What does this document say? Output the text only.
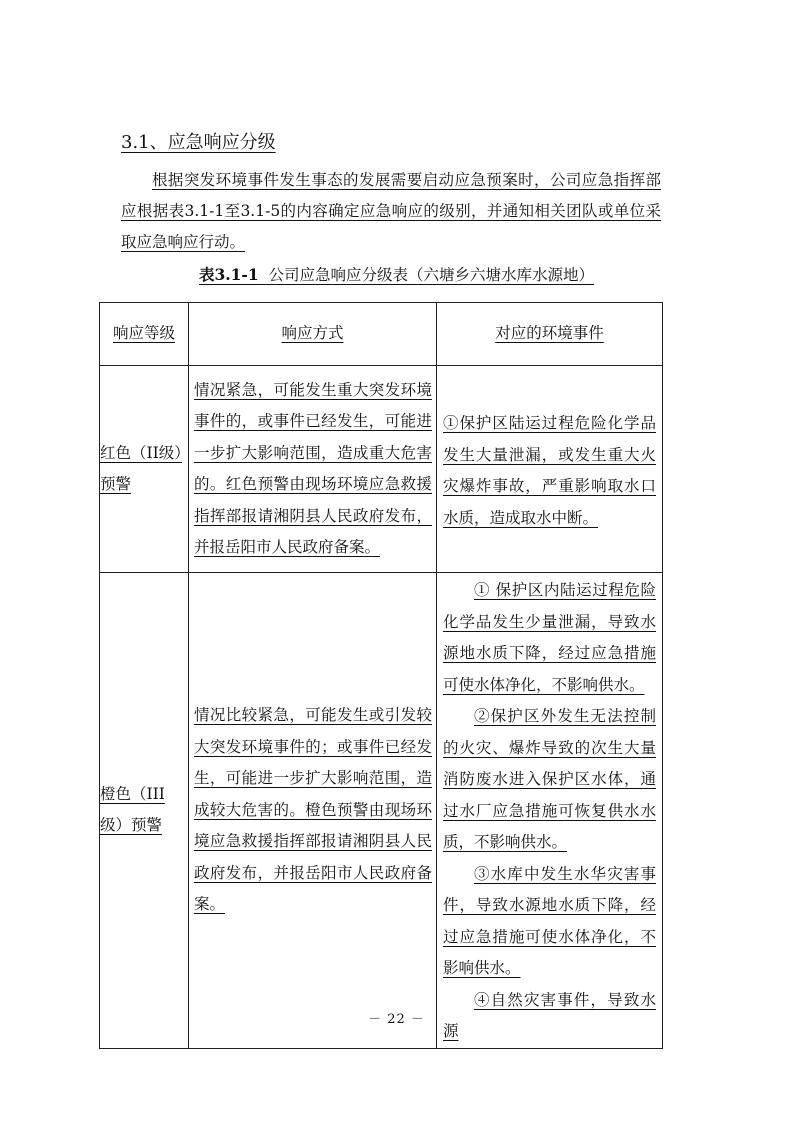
3.1、应急响应分级

根据突发环境事件发生事态的发展需要启动应急预案时，公司应急指挥部应根据表3.1-1至3.1-5的内容确定应急响应的级别，并通知相关团队或单位采取应急响应行动。

表3.1-1 公司应急响应分级表（六塘乡六塘水库水源地）
响应等级	响应方式	对应的环境事件
红色（II级）预警	情况紧急，可能发生重大突发环境事件的，或事件已经发生，可能进一步扩大影响范围，造成重大危害的。红色预警由现场环境应急救援指挥部报请湘阴县人民政府发布，并报岳阳市人民政府备案。	①保护区陆运过程危险化学品发生大量泄漏，或发生重大火灾爆炸事故，严重影响取水口水质，造成取水中断。

橙色（III级）预警	情况比较紧急，可能发生或引发较大突发环境事件的；或事件已经发生，可能进一步扩大影响范围，造成较大危害的。橙色预警由现场环境应急救援指挥部报请湘阴县人民政府发布，并报岳阳市人民政府备案。	① 保护区内陆运过程危险化学品发生少量泄漏，导致水源地水质下降，经过应急措施可使水体净化，不影响供水。

②保护区外发生无法控制的火灾、爆炸导致的次生大量消防废水进入保护区水体，通过水厂应急措施可恢复供水水质，不影响供水。

③水库中发生水华灾害事件，导致水源地水质下降，经过应急措施可使水体净化，不影响供水。

④自然灾害事件，导致水源

－ 22 －
